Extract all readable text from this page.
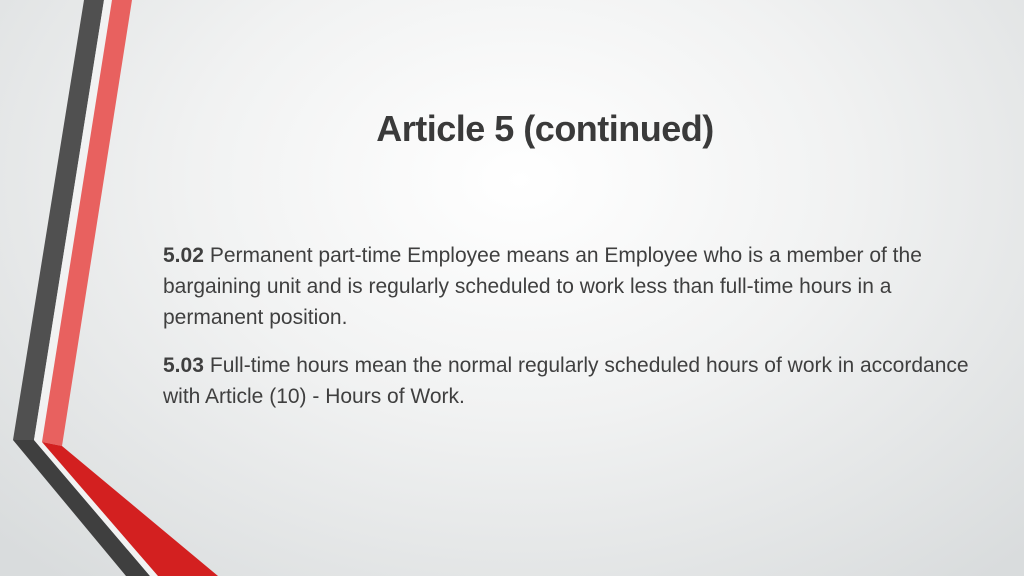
Article 5 (continued)

5.02 Permanent part-time Employee means an Employee who is a member of the bargaining unit and is regularly scheduled to work less than full-time hours in a permanent position.

5.03 Full-time hours mean the normal regularly scheduled hours of work in accordance with Article (10) - Hours of Work.
